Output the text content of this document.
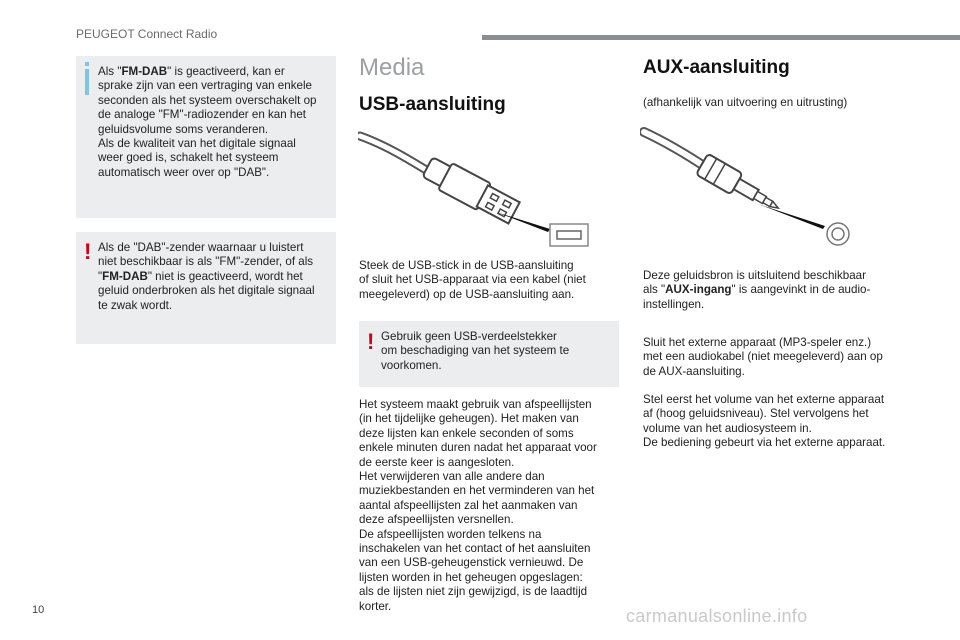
PEUGEOT Connect Radio

Als "FM-DAB" is geactiveerd, kan er

sprake zijn van een vertraging van enkele

seconden als het systeem overschakelt op

de analoge "FM"-radiozender en kan het

geluidsvolume soms veranderen.

Als de kwaliteit van het digitale signaal

weer goed is, schakelt het systeem

automatisch weer over op "DAB".

! Als de "DAB"-zender waarnaar u luistert

niet beschikbaar is als "FM"-zender, of als

"FM-DAB" niet is geactiveerd, wordt het

geluid onderbroken als het digitale signaal

te zwak wordt.

Media
USB-aansluiting
Steek de USB-stick in de USB-aansluiting
of sluit het USB-apparaat via een kabel (niet
meegeleverd) op de USB-aansluiting aan.
! Gebruik geen USB-verdeelstekker

om beschadiging van het systeem te

voorkomen.

Het systeem maakt gebruik van afspeellijsten
(in het tijdelijke geheugen). Het maken van
deze lijsten kan enkele seconden of soms
enkele minuten duren nadat het apparaat voor
de eerste keer is aangesloten.
Het verwijderen van alle andere dan
muziekbestanden en het verminderen van het
aantal afspeellijsten zal het aanmaken van
deze afspeellijsten versnellen.
De afspeellijsten worden telkens na
inschakelen van het contact of het aansluiten
van een USB-geheugenstick vernieuwd. De
lijsten worden in het geheugen opgeslagen:
als de lijsten niet zijn gewijzigd, is de laadtijd
korter.
AUX-aansluiting
(afhankelijk van uitvoering en uitrusting)
Deze geluidsbron is uitsluitend beschikbaar
als "AUX-ingang" is aangevinkt in de audio-
instellingen.
Sluit het externe apparaat (MP3-speler enz.)
met een audiokabel (niet meegeleverd) aan op
de AUX-aansluiting.
Stel eerst het volume van het externe apparaat
af (hoog geluidsniveau). Stel vervolgens het
volume van het audiosysteem in.
De bediening gebeurt via het externe apparaat.
10	carmanualsonline.info
